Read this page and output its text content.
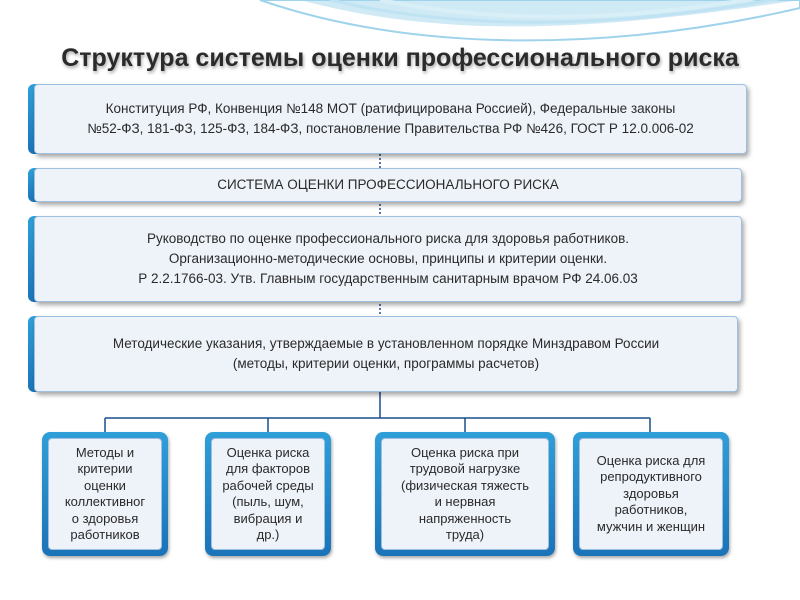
Структура системы оценки профессионального риска
Конституция РФ, Конвенция №148 МОТ (ратифицирована Россией), Федеральные законы
№52-ФЗ, 181-ФЗ, 125-ФЗ, 184-ФЗ, постановление Правительства РФ №426, ГОСТ Р 12.0.006-02
СИСТЕМА ОЦЕНКИ ПРОФЕССИОНАЛЬНОГО РИСКА
Руководство по оценке профессионального риска для здоровья работников.
Организационно-методические основы, принципы и критерии оценки.
Р 2.2.1766-03. Утв. Главным государственным санитарным врачом РФ 24.06.03
Методические указания, утверждаемые в установленном порядке Минздравом России
(методы, критерии оценки, программы расчетов)
Методы и
критерии
оценки
коллективног
о здоровья
работников
Оценка риска
для факторов
рабочей среды
(пыль, шум,
вибрация и
др.)
Оценка риска при
трудовой нагрузке
(физическая тяжесть
и нервная
напряженность
труда)
Оценка риска для
репродуктивного
здоровья
работников,
мужчин и женщин
